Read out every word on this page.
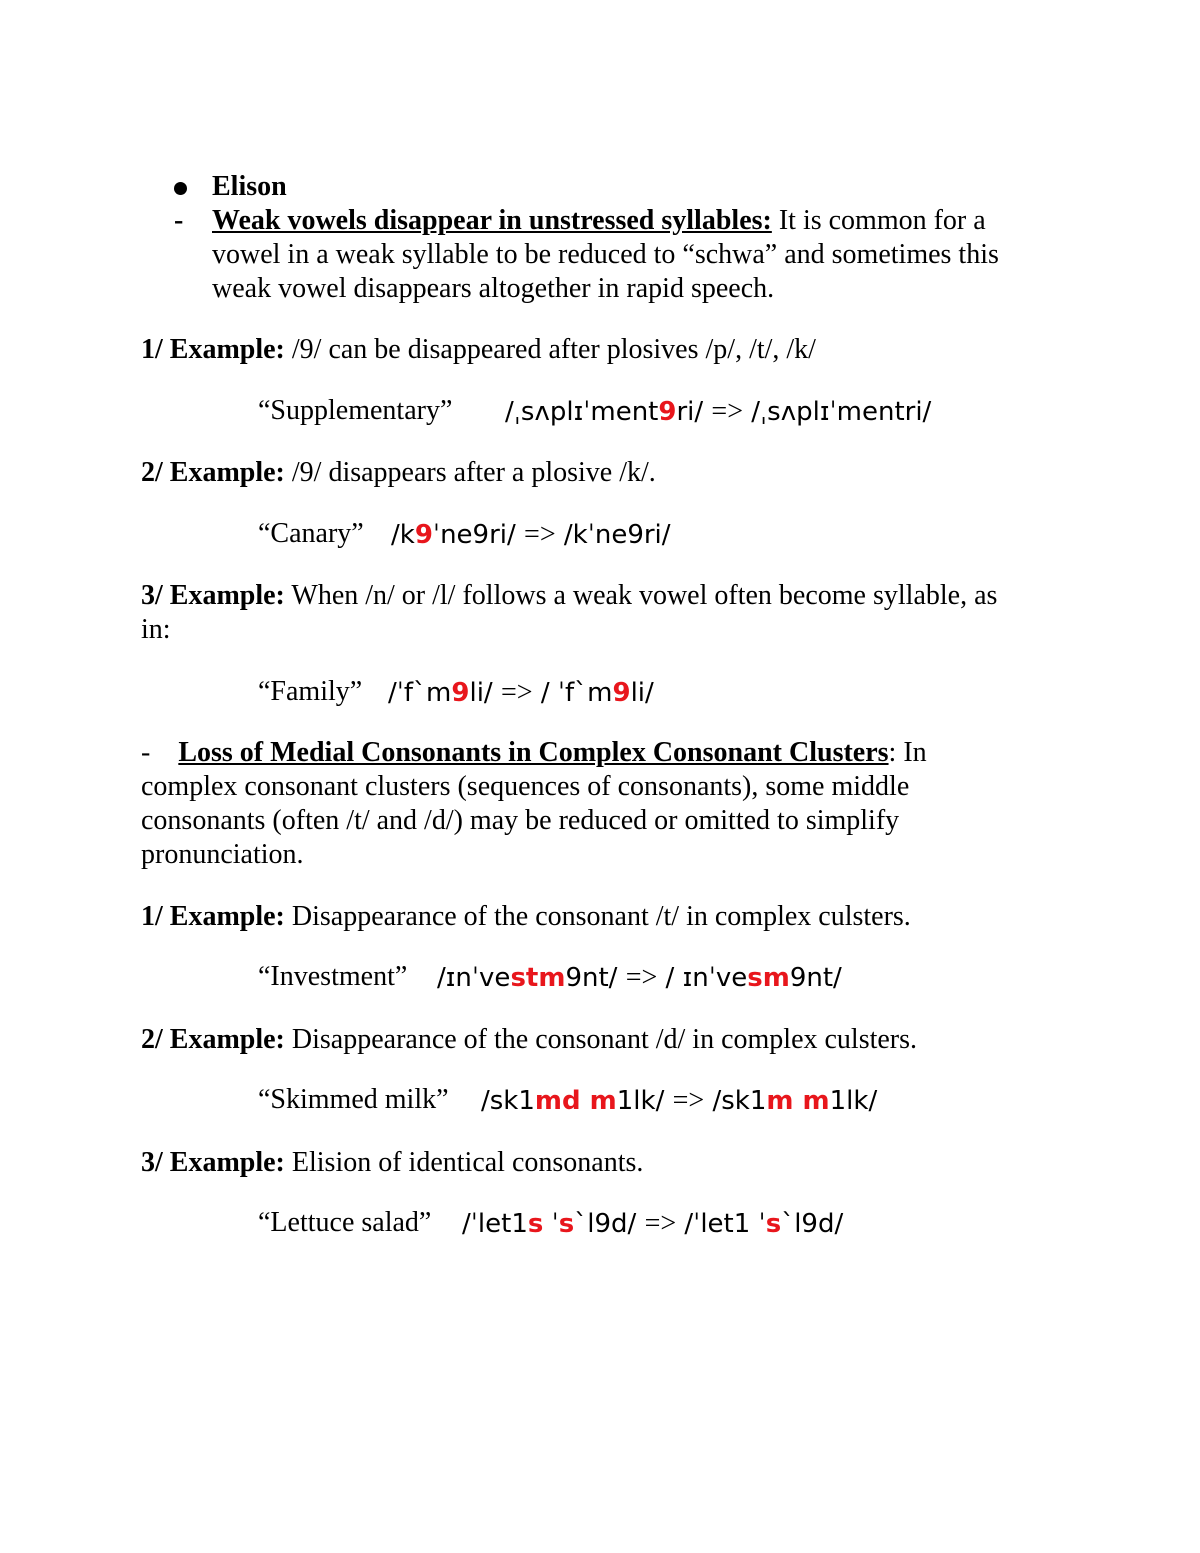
Elison
- Weak vowels disappear in unstressed syllables: It is common for a
vowel in a weak syllable to be reduced to “schwa” and sometimes this
weak vowel disappears altogether in rapid speech.
1/ Example: /9/ can be disappeared after plosives /p/, /t/, /k/
“Supplementary” /ˌsʌplɪˈment9ri/ => /ˌsʌplɪˈmentri/
2/ Example: /9/ disappears after a plosive /k/.
“Canary” /k9ˈne9ri/ => /kˈne9ri/
3/ Example: When /n/ or /l/ follows a weak vowel often become syllable, as
in:
“Family” /ˈf`m9li/ => / ˈf`m9li/
- Loss of Medial Consonants in Complex Consonant Clusters: In
complex consonant clusters (sequences of consonants), some middle
consonants (often /t/ and /d/) may be reduced or omitted to simplify
pronunciation.
1/ Example: Disappearance of the consonant /t/ in complex culsters.
“Investment” /ɪnˈvestm9nt/ => / ɪnˈvesm9nt/
2/ Example: Disappearance of the consonant /d/ in complex culsters.
“Skimmed milk” /sk1md m1lk/ => /sk1m m1lk/
3/ Example: Elision of identical consonants.
“Lettuce salad” /ˈlet1s ˈs`l9d/ => /ˈlet1 ˈs`l9d/
